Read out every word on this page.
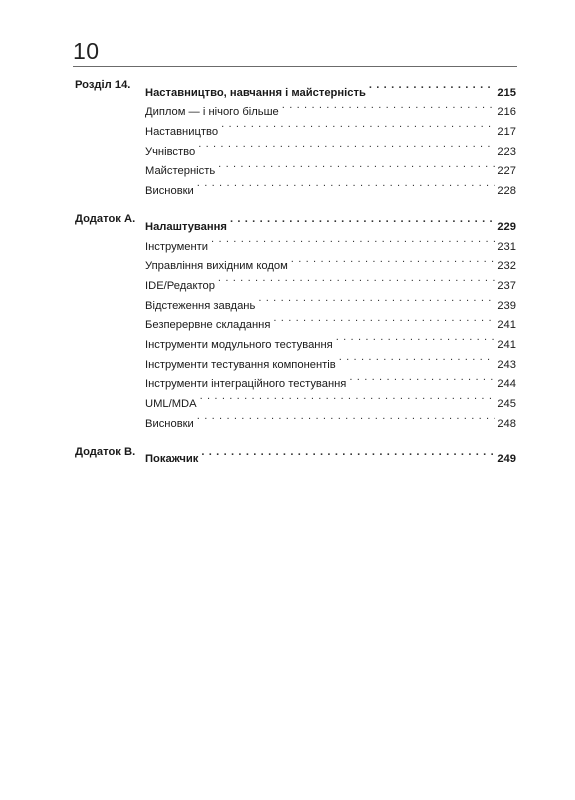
10
Розділ 14.
Наставництво, навчання і майстерність . . .	215
Диплом — і нічого більше . . .	216
Наставництво . . .	217
Учнівство . . .	223
Майстерність . . .	227
Висновки . . .	228
Додаток А.
Налаштування . . .	229
Інструменти . . .	231
Управління вихідним кодом . . .	232
IDE/Редактор . . .	237
Відстеження завдань . . .	239
Безперервне складання . . .	241
Інструменти модульного тестування . . .	241
Інструменти тестування компонентів . . .	243
Інструменти інтеграційного тестування . . .	244
UML/MDA . . .	245
Висновки . . .	248
Додаток В.
Покажчик . . .	249
